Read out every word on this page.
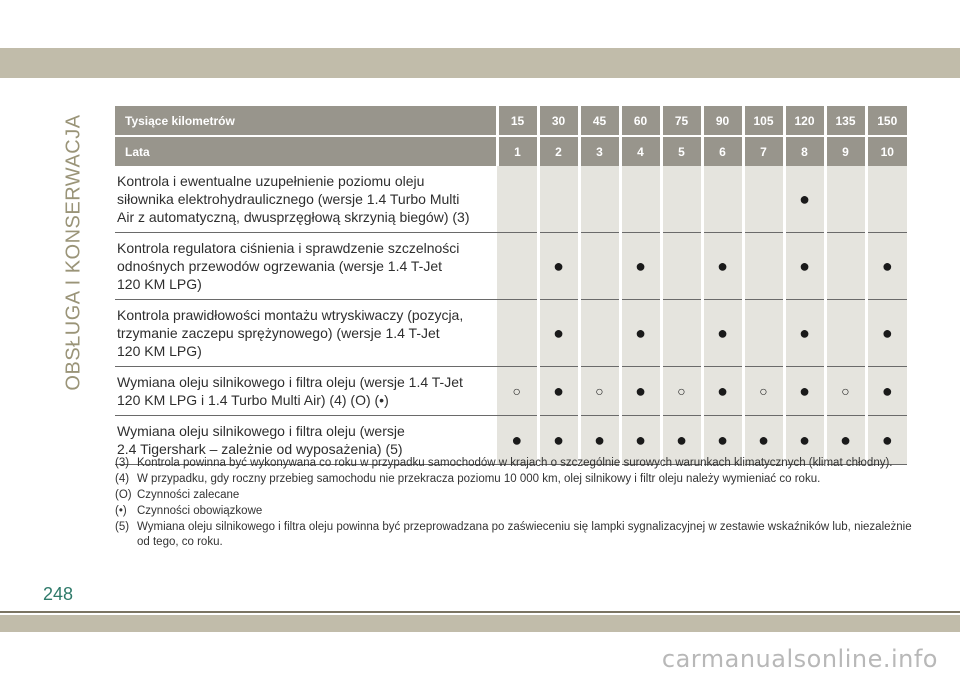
OBSŁUGA I KONSERWACJA	Tysiące kilometrów	15	30	45	60	75	90	105	120	135	150
Lata	1	2	3	4	5	6	7	8	9	10

Kontrola i ewentualne uzupełnienie poziomu oleju
siłownika elektrohydraulicznego (wersje 1.4 Turbo Multi
Air z automatyczną, dwusprzęgłową skrzynią biegów) (3)								●		

Kontrola regulatora ciśnienia i sprawdzenie szczelności
odnośnych przewodów ogrzewania (wersje 1.4 T-Jet
120 KM LPG)		●		●		●		●		●

Kontrola prawidłowości montażu wtryskiwaczy (pozycja,
trzymanie zaczepu sprężynowego) (wersje 1.4 T-Jet
120 KM LPG)		●		●		●		●		●

Wymiana oleju silnikowego i filtra oleju (wersje 1.4 T-Jet
120 KM LPG i 1.4 Turbo Multi Air) (4) (O) (•)	○	●	○	●	○	●	○	●	○	●

Wymiana oleju silnikowego i filtra oleju (wersje
2.4 Tigershark – zależnie od wyposażenia) (5)	●	●	●	●	●	●	●	●	●	●
(3) Kontrola powinna być wykonywana co roku w przypadku samochodów w krajach o szczególnie surowych warunkach klimatycznych (klimat chłodny).
(4) W przypadku, gdy roczny przebieg samochodu nie przekracza poziomu 10 000 km, olej silnikowy i filtr oleju należy wymieniać co roku.
(O) Czynności zalecane
(•) Czynności obowiązkowe
(5) Wymiana oleju silnikowego i filtra oleju powinna być przeprowadzana po zaświeceniu się lampki sygnalizacyjnej w zestawie wskaźników lub, niezależnie od tego, co roku.
248
carmanualsonline.info
